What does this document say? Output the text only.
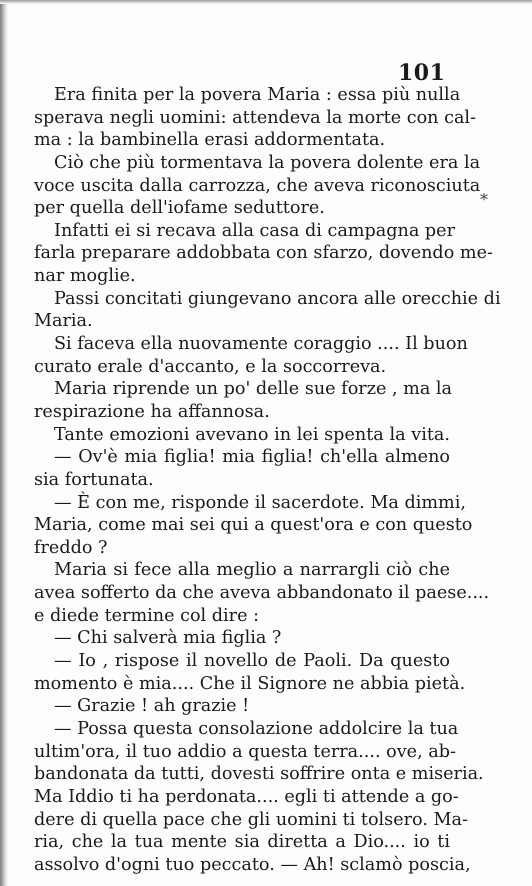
101
*
Era finita per la povera Maria : essa più nulla
sperava negli uomini: attendeva la morte con cal-
ma : la bambinella erasi addormentata.
Ciò che più tormentava la povera dolente era la
voce uscita dalla carrozza, che aveva riconosciuta
per quella dell'iofame seduttore.
Infatti ei si recava alla casa di campagna per
farla preparare addobbata con sfarzo, dovendo me-
nar moglie.
Passi concitati giungevano ancora alle orecchie di
Maria.
Si faceva ella nuovamente coraggio .... Il buon
curato erale d'accanto, e la soccorreva.
Maria riprende un po' delle sue forze , ma la
respirazione ha affannosa.
Tante emozioni avevano in lei spenta la vita.
— Ov'è mia figlia! mia figlia! ch'ella almeno
sia fortunata.
— È con me, risponde il sacerdote. Ma dimmi,
Maria, come mai sei qui a quest'ora e con questo
freddo ?
Maria si fece alla meglio a narrargli ciò che
avea sofferto da che aveva abbandonato il paese....
e diede termine col dire :
— Chi salverà mia figlia ?
— Io , rispose il novello de Paoli. Da questo
momento è mia.... Che il Signore ne abbia pietà.
— Grazie ! ah grazie !
— Possa questa consolazione addolcire la tua
ultim'ora, il tuo addio a questa terra.... ove, ab-
bandonata da tutti, dovesti soffrire onta e miseria.
Ma Iddio ti ha perdonata.... egli ti attende a go-
dere di quella pace che gli uomini ti tolsero. Ma-
ria, che la tua mente sia diretta a Dio.... io ti
assolvo d'ogni tuo peccato. — Ah! sclamò poscia,
